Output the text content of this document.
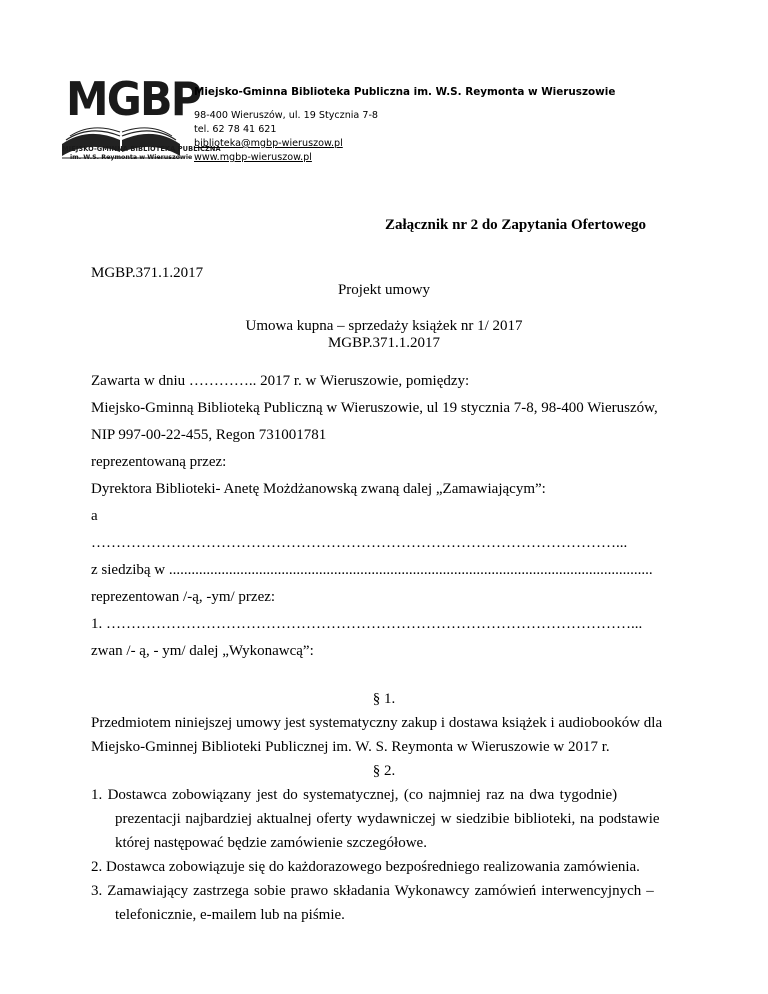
MGBP
MIEJSKO-GMINNA BIBLIOTEKA PUBLICZNA
im. W.S. Reymonta w Wieruszowie
Miejsko-Gminna Biblioteka Publiczna im. W.S. Reymonta w Wieruszowie
98-400 Wieruszów, ul. 19 Stycznia 7-8
tel. 62 78 41 621
biblioteka@mgbp-wieruszow.pl
www.mgbp-wieruszow.pl
Załącznik nr 2 do Zapytania Ofertowego
MGBP.371.1.2017
Projekt umowy
Umowa kupna – sprzedaży książek nr 1/ 2017
MGBP.371.1.2017
Zawarta w dniu ………….. 2017 r. w Wieruszowie, pomiędzy:
Miejsko-Gminną Biblioteką Publiczną w Wieruszowie, ul 19 stycznia 7-8, 98-400 Wieruszów,
NIP 997-00-22-455, Regon 731001781
reprezentowaną przez:
Dyrektora Biblioteki- Anetę Możdżanowską zwaną dalej „Zamawiającym”:
a
……………………………………………………………………………………………...
z siedzibą w .................................................................................................................................
reprezentowan /-ą, -ym/ przez:
1. ……………………………………………………………………………………………...
zwan /- ą, - ym/ dalej „Wykonawcą”:
§ 1.
Przedmiotem niniejszej umowy jest systematyczny zakup i dostawa książek i audiobooków dla
Miejsko-Gminnej Biblioteki Publicznej im. W. S. Reymonta w Wieruszowie w 2017 r.
§ 2.
1. Dostawca zobowiązany jest do systematycznej, (co najmniej raz na dwa tygodnie)
prezentacji najbardziej aktualnej oferty wydawniczej w siedzibie biblioteki, na podstawie
której następować będzie zamówienie szczegółowe.
2. Dostawca zobowiązuje się do każdorazowego bezpośredniego realizowania zamówienia.
3. Zamawiający zastrzega sobie prawo składania Wykonawcy zamówień interwencyjnych –
telefonicznie, e-mailem lub na piśmie.
